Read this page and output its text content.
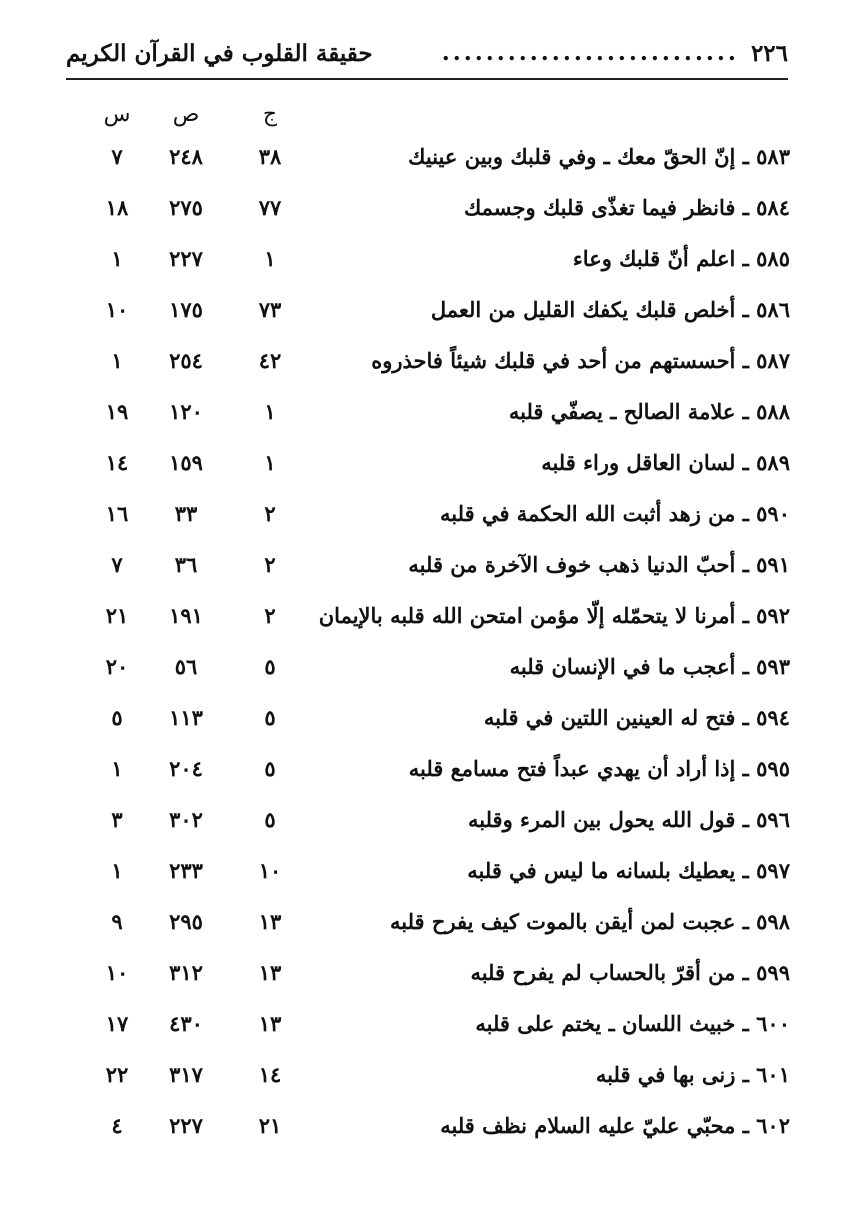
٢٢٦
...........................
حقيقة القلوب في القرآن الكريم
ج
ص
س
٥٨٣ ـ إنّ الحقّ معك ـ وفي قلبك وبين عينيك
٣٨
٢٤٨
٧
٥٨٤ ـ فانظر فيما تغذّى قلبك وجسمك
٧٧
٢٧٥
١٨
٥٨٥ ـ اعلم أنّ قلبك وعاء
١
٢٢٧
١
٥٨٦ ـ أخلص قلبك يكفك القليل من العمل
٧٣
١٧٥
١٠
٥٨٧ ـ أحسستهم من أحد في قلبك شيئاً فاحذروه
٤٢
٢٥٤
١
٥٨٨ ـ علامة الصالح ـ يصفّي قلبه
١
١٢٠
١٩
٥٨٩ ـ لسان العاقل وراء قلبه
١
١٥٩
١٤
٥٩٠ ـ من زهد أثبت الله الحكمة في قلبه
٢
٣٣
١٦
٥٩١ ـ أحبّ الدنيا ذهب خوف الآخرة من قلبه
٢
٣٦
٧
٥٩٢ ـ أمرنا لا يتحمّله إلّا مؤمن امتحن الله قلبه بالإيمان
٢
١٩١
٢١
٥٩٣ ـ أعجب ما في الإنسان قلبه
٥
٥٦
٢٠
٥٩٤ ـ فتح له العينين اللتين في قلبه
٥
١١٣
٥
٥٩٥ ـ إذا أراد أن يهدي عبداً فتح مسامع قلبه
٥
٢٠٤
١
٥٩٦ ـ قول الله يحول بين المرء وقلبه
٥
٣٠٢
٣
٥٩٧ ـ يعطيك بلسانه ما ليس في قلبه
١٠
٢٣٣
١
٥٩٨ ـ عجبت لمن أيقن بالموت كيف يفرح قلبه
١٣
٢٩٥
٩
٥٩٩ ـ من أقرّ بالحساب لم يفرح قلبه
١٣
٣١٢
١٠
٦٠٠ ـ خبيث اللسان ـ يختم على قلبه
١٣
٤٣٠
١٧
٦٠١ ـ زنى بها في قلبه
١٤
٣١٧
٢٢
٦٠٢ ـ محبّي عليّ عليه السلام نظف قلبه
٢١
٢٢٧
٤
